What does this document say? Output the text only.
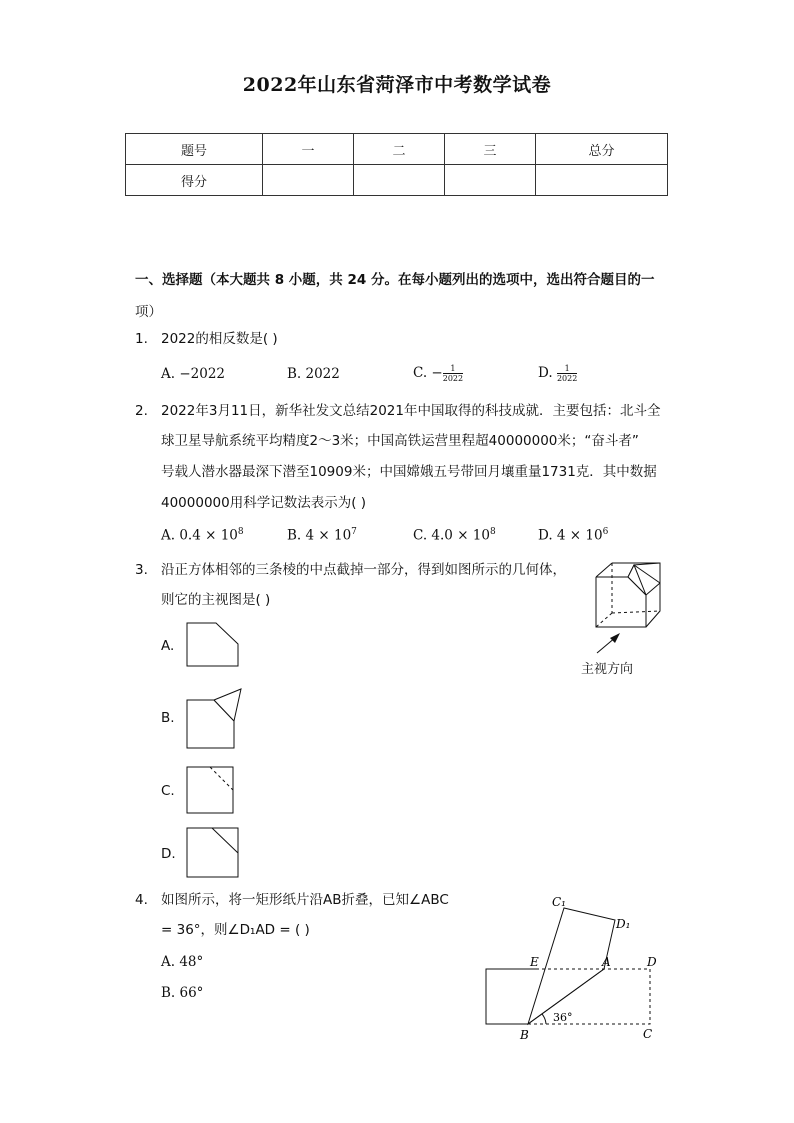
2022年山东省菏泽市中考数学试卷
题号	一	二	三	总分
得分				
一、选择题（本大题共 8 小题，共 24 分。在每小题列出的选项中，选出符合题目的一
项）
1. 2022的相反数是( )
A. −2022	B. 2022	C. − $\frac{1}{2022}$	D. $\frac{1}{2022}$
2. 2022年3月11日，新华社发文总结2021年中国取得的科技成就．主要包括：北斗全
球卫星导航系统平均精度2～3米；中国高铁运营里程超40000000米；“奋斗者”
号载人潜水器最深下潜至10909米；中国嫦娥五号带回月壤重量1731克．其中数据
40000000用科学记数法表示为( )
A. $0.4 \times 10^8$	B. $4 \times 10^7$	C. $4.0 \times 10^8$	D. $4 \times 10^6$
3. 沿正方体相邻的三条棱的中点截掉一部分，得到如图所示的几何体，
则它的主视图是( )
主视方向
A.
B.
C.
D.
4. 如图所示，将一矩形纸片沿AB折叠，已知∠ABC
= 36°，则∠D₁AD = ( )
A. 48°
B. 66°
C₁
D₁
E	A	D
B	C
36°
